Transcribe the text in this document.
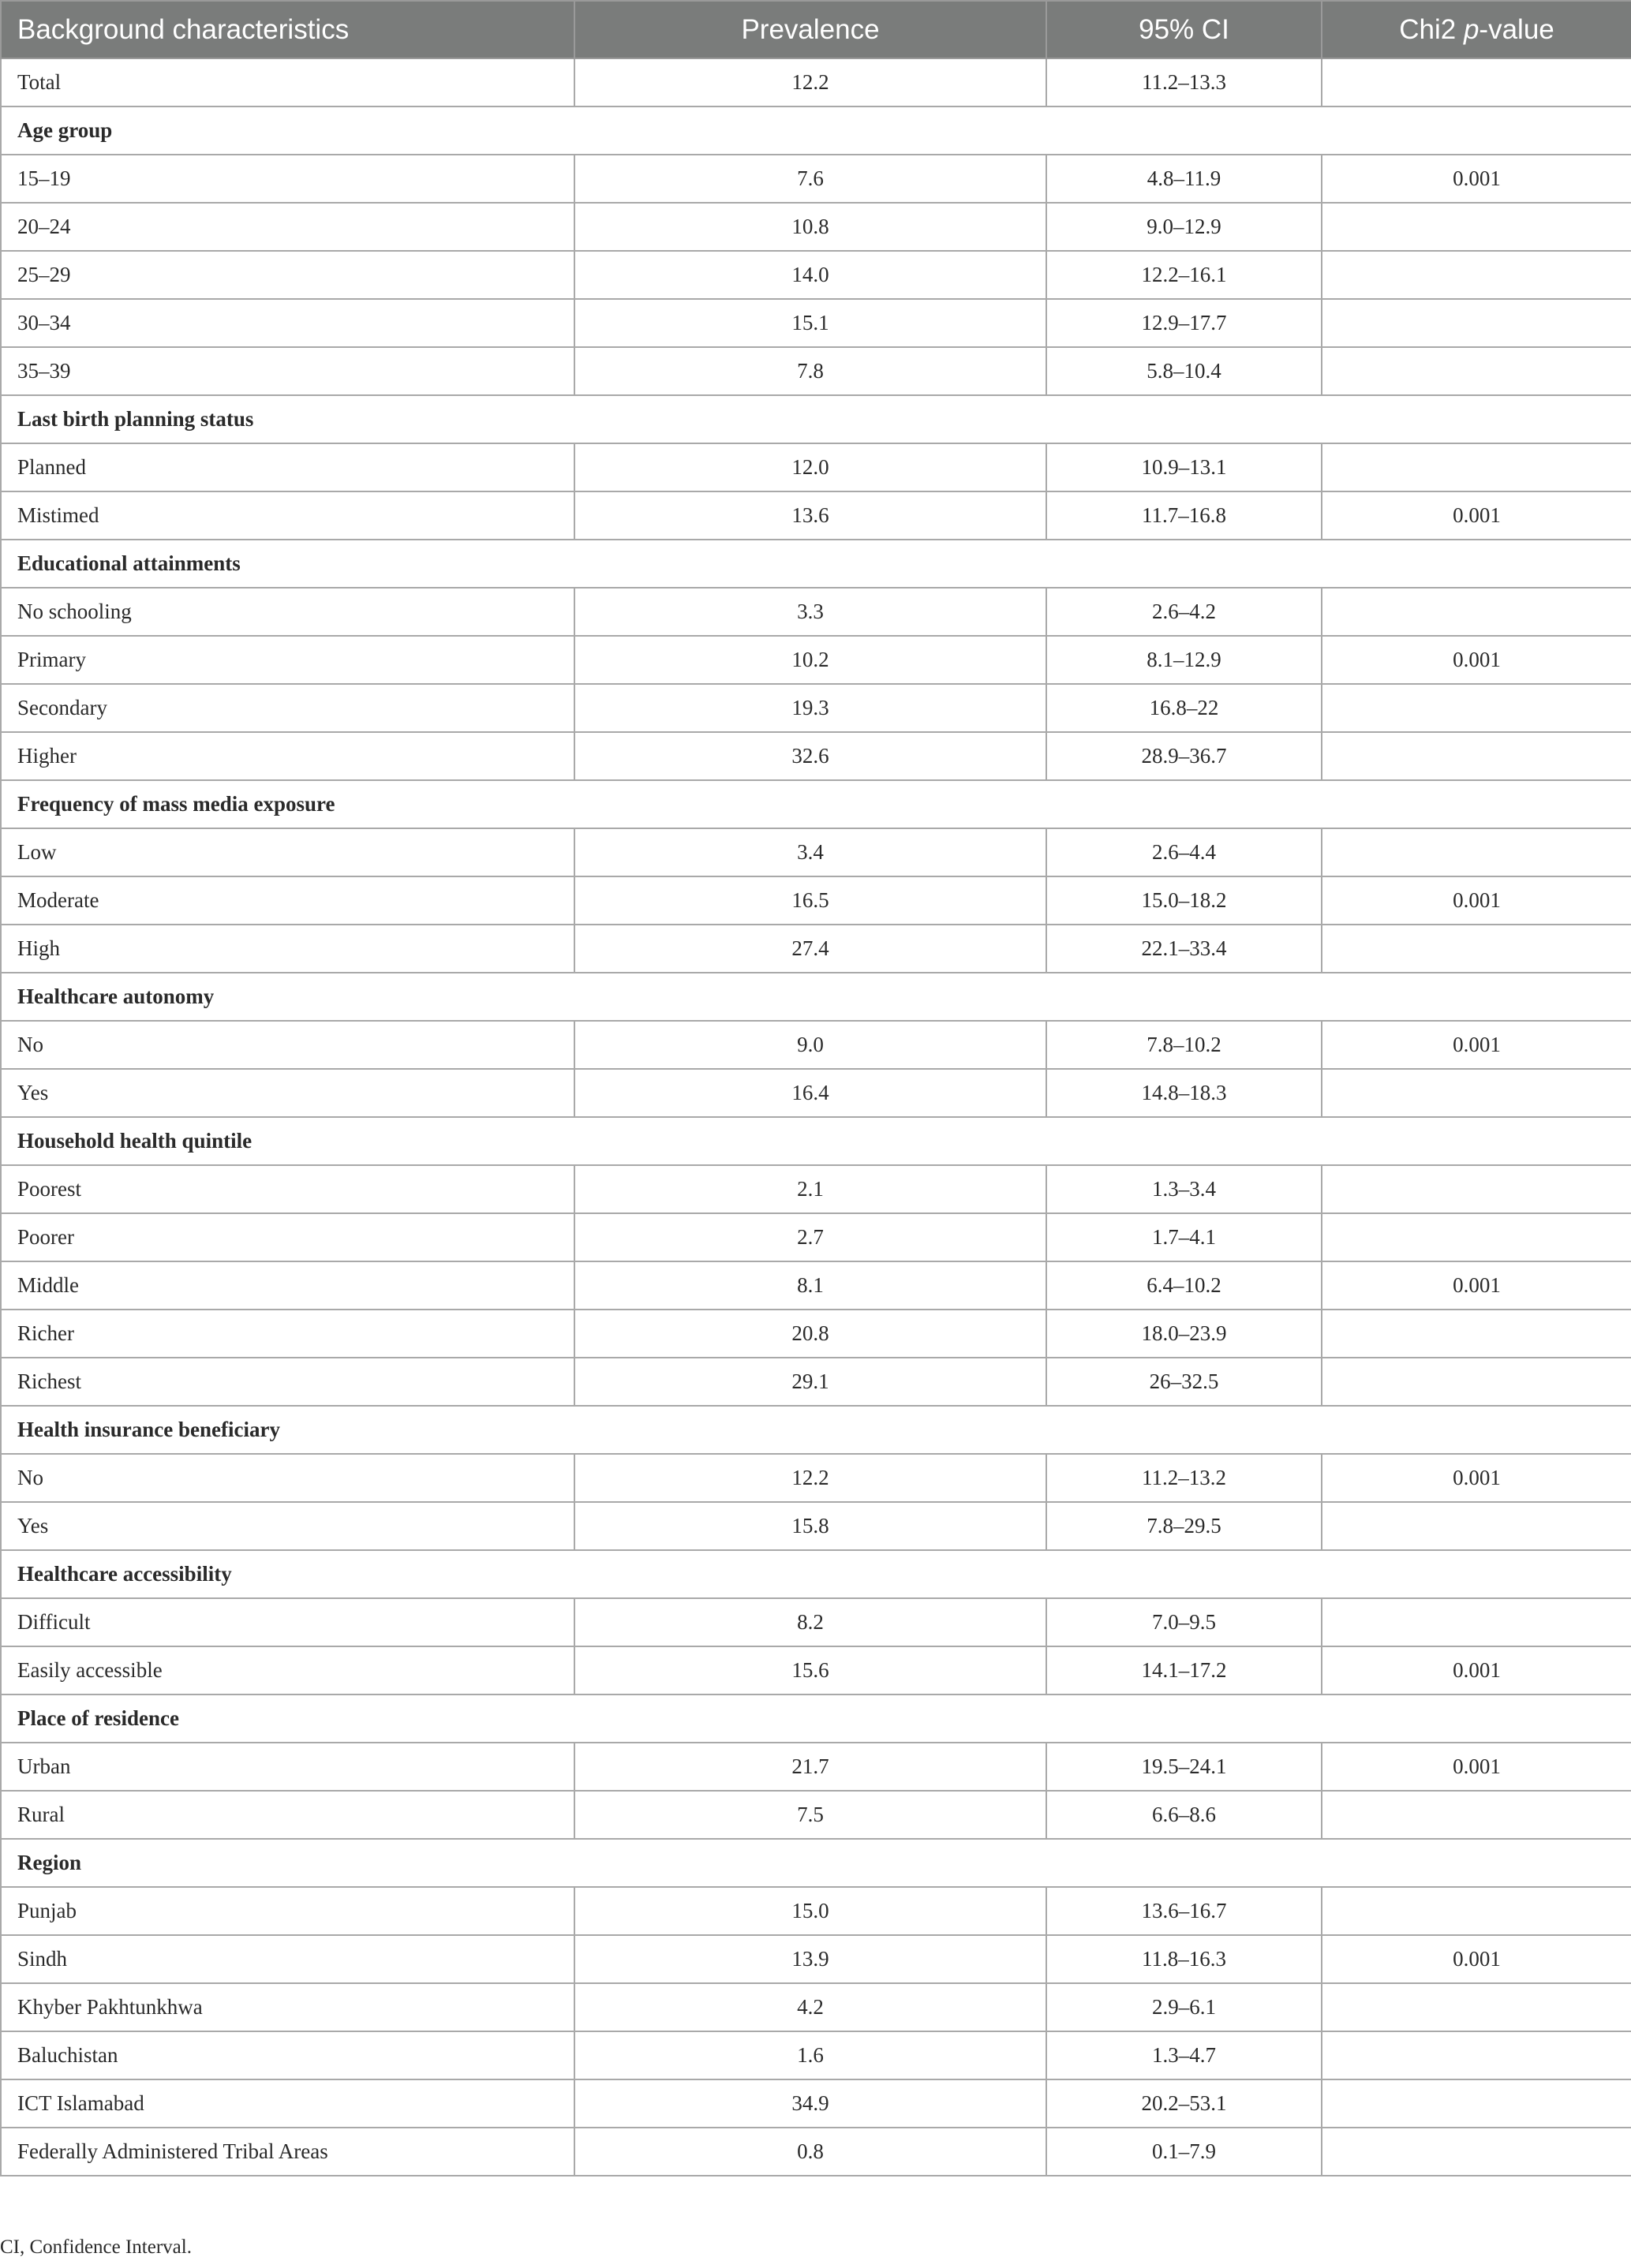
Background characteristics	Prevalence	95% CI	Chi2 p-value
Total	12.2	11.2–13.3	
Age group			
15–19	7.6	4.8–11.9	0.001
20–24	10.8	9.0–12.9	
25–29	14.0	12.2–16.1	
30–34	15.1	12.9–17.7	
35–39	7.8	5.8–10.4	
Last birth planning status			
Planned	12.0	10.9–13.1	
Mistimed	13.6	11.7–16.8	0.001
Educational attainments			
No schooling	3.3	2.6–4.2	
Primary	10.2	8.1–12.9	0.001
Secondary	19.3	16.8–22	
Higher	32.6	28.9–36.7	
Frequency of mass media exposure			
Low	3.4	2.6–4.4	
Moderate	16.5	15.0–18.2	0.001
High	27.4	22.1–33.4	
Healthcare autonomy			
No	9.0	7.8–10.2	0.001
Yes	16.4	14.8–18.3	
Household health quintile			
Poorest	2.1	1.3–3.4	
Poorer	2.7	1.7–4.1	
Middle	8.1	6.4–10.2	0.001
Richer	20.8	18.0–23.9	
Richest	29.1	26–32.5	
Health insurance beneficiary			
No	12.2	11.2–13.2	0.001
Yes	15.8	7.8–29.5	
Healthcare accessibility			
Difficult	8.2	7.0–9.5	
Easily accessible	15.6	14.1–17.2	0.001
Place of residence			
Urban	21.7	19.5–24.1	0.001
Rural	7.5	6.6–8.6	
Region			
Punjab	15.0	13.6–16.7	
Sindh	13.9	11.8–16.3	0.001
Khyber Pakhtunkhwa	4.2	2.9–6.1	
Baluchistan	1.6	1.3–4.7	
ICT Islamabad	34.9	20.2–53.1	
Federally Administered Tribal Areas	0.8	0.1–7.9	
CI, Confidence Interval.
